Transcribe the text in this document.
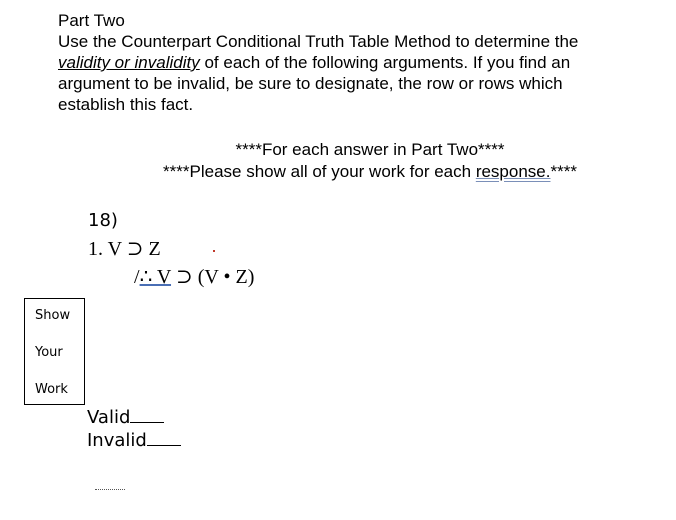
Part Two
Use the Counterpart Conditional Truth Table Method to determine the
validity or invalidity of each of the following arguments. If you find an
argument to be invalid, be sure to designate, the row or rows which
establish this fact.
****For each answer in Part Two****
****Please show all of your work for each response.****
18)
1. V ⊃ Z
/∴ V ⊃ (V • Z)
Show
Your
Work
Valid
Invalid
